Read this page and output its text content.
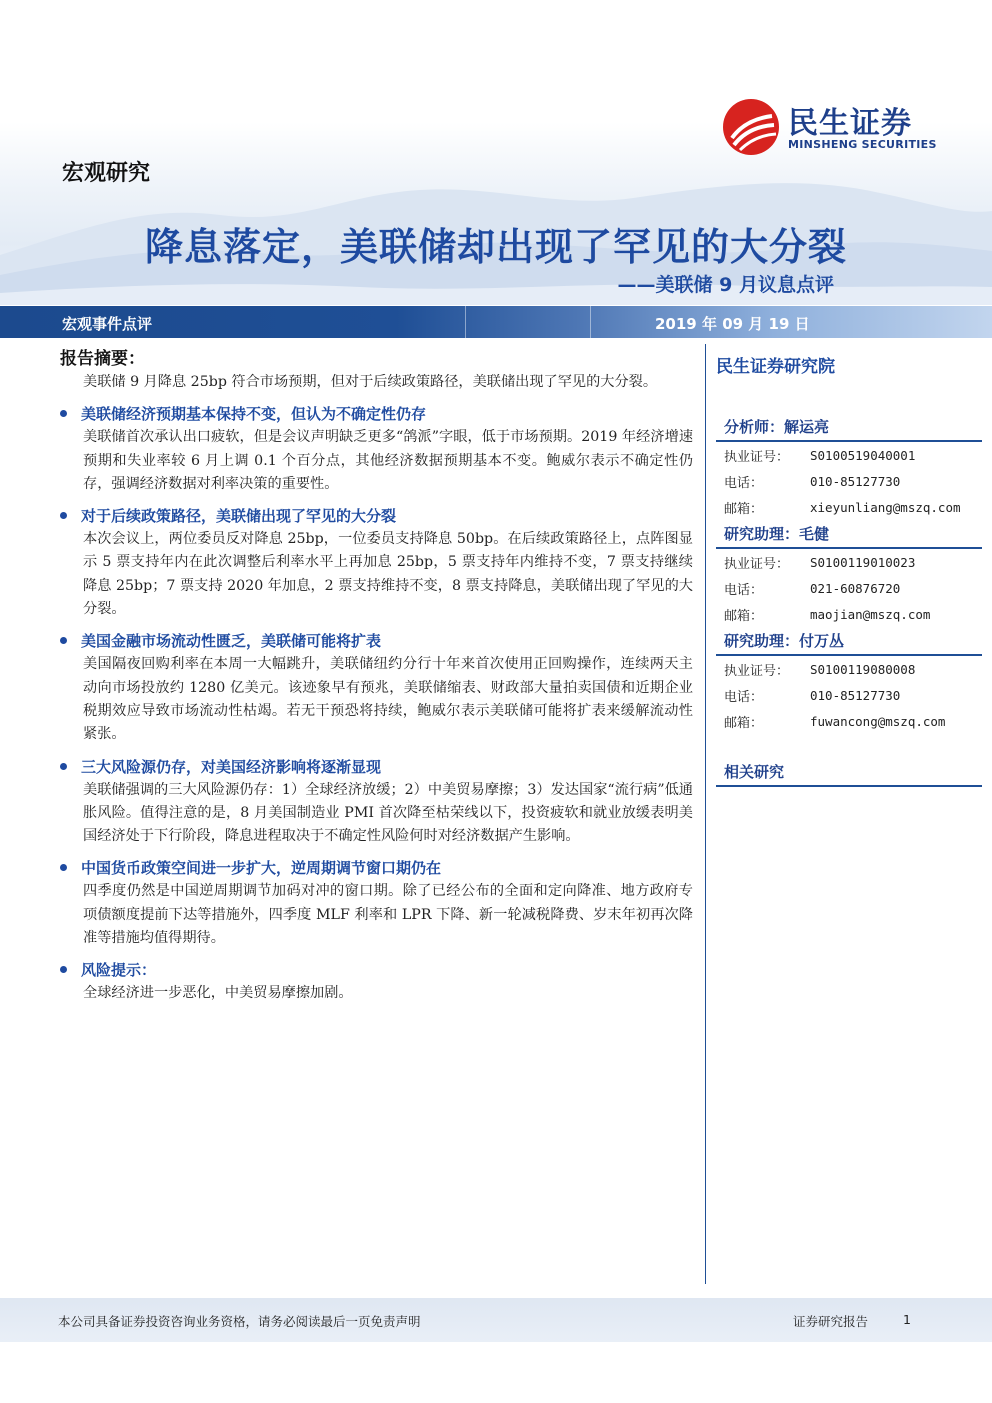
民生证券
MINSHENG SECURITIES
宏观研究
降息落定，美联储却出现了罕见的大分裂
——美联储 9 月议息点评
宏观事件点评	2019 年 09 月 19 日
报告摘要：
美联储 9 月降息 25bp 符合市场预期，但对于后续政策路径，美联储出现了罕见的大分裂。
美联储经济预期基本保持不变，但认为不确定性仍存
美联储首次承认出口疲软，但是会议声明缺乏更多“鸽派”字眼，低于市场预期。2019 年经济增速预期和失业率较 6 月上调 0.1 个百分点，其他经济数据预期基本不变。鲍威尔表示不确定性仍存，强调经济数据对利率决策的重要性。
对于后续政策路径，美联储出现了罕见的大分裂
本次会议上，两位委员反对降息 25bp，一位委员支持降息 50bp。在后续政策路径上，点阵图显示 5 票支持年内在此次调整后利率水平上再加息 25bp，5 票支持年内维持不变，7 票支持继续降息 25bp；7 票支持 2020 年加息，2 票支持维持不变，8 票支持降息，美联储出现了罕见的大分裂。
美国金融市场流动性匮乏，美联储可能将扩表
美国隔夜回购利率在本周一大幅跳升，美联储纽约分行十年来首次使用正回购操作，连续两天主动向市场投放约 1280 亿美元。该迹象早有预兆，美联储缩表、财政部大量拍卖国债和近期企业税期效应导致市场流动性枯竭。若无干预恐将持续，鲍威尔表示美联储可能将扩表来缓解流动性紧张。
三大风险源仍存，对美国经济影响将逐渐显现
美联储强调的三大风险源仍存：1）全球经济放缓；2）中美贸易摩擦；3）发达国家“流行病”低通胀风险。值得注意的是，8 月美国制造业 PMI 首次降至枯荣线以下，投资疲软和就业放缓表明美国经济处于下行阶段，降息进程取决于不确定性风险何时对经济数据产生影响。
中国货币政策空间进一步扩大，逆周期调节窗口期仍在
四季度仍然是中国逆周期调节加码对冲的窗口期。除了已经公布的全面和定向降准、地方政府专项债额度提前下达等措施外，四季度 MLF 利率和 LPR 下降、新一轮减税降费、岁末年初再次降准等措施均值得期待。
风险提示：
全球经济进一步恶化，中美贸易摩擦加剧。
民生证券研究院
分析师：解运亮
执业证号：	S0100519040001
电话：	010-85127730
邮箱：	xieyunliang@mszq.com
研究助理：毛健
执业证号：	S0100119010023
电话：	021-60876720
邮箱：	maojian@mszq.com
研究助理：付万丛
执业证号：	S0100119080008
电话：	010-85127730
邮箱：	fuwancong@mszq.com
相关研究
本公司具备证券投资咨询业务资格，请务必阅读最后一页免责声明	证券研究报告	1
